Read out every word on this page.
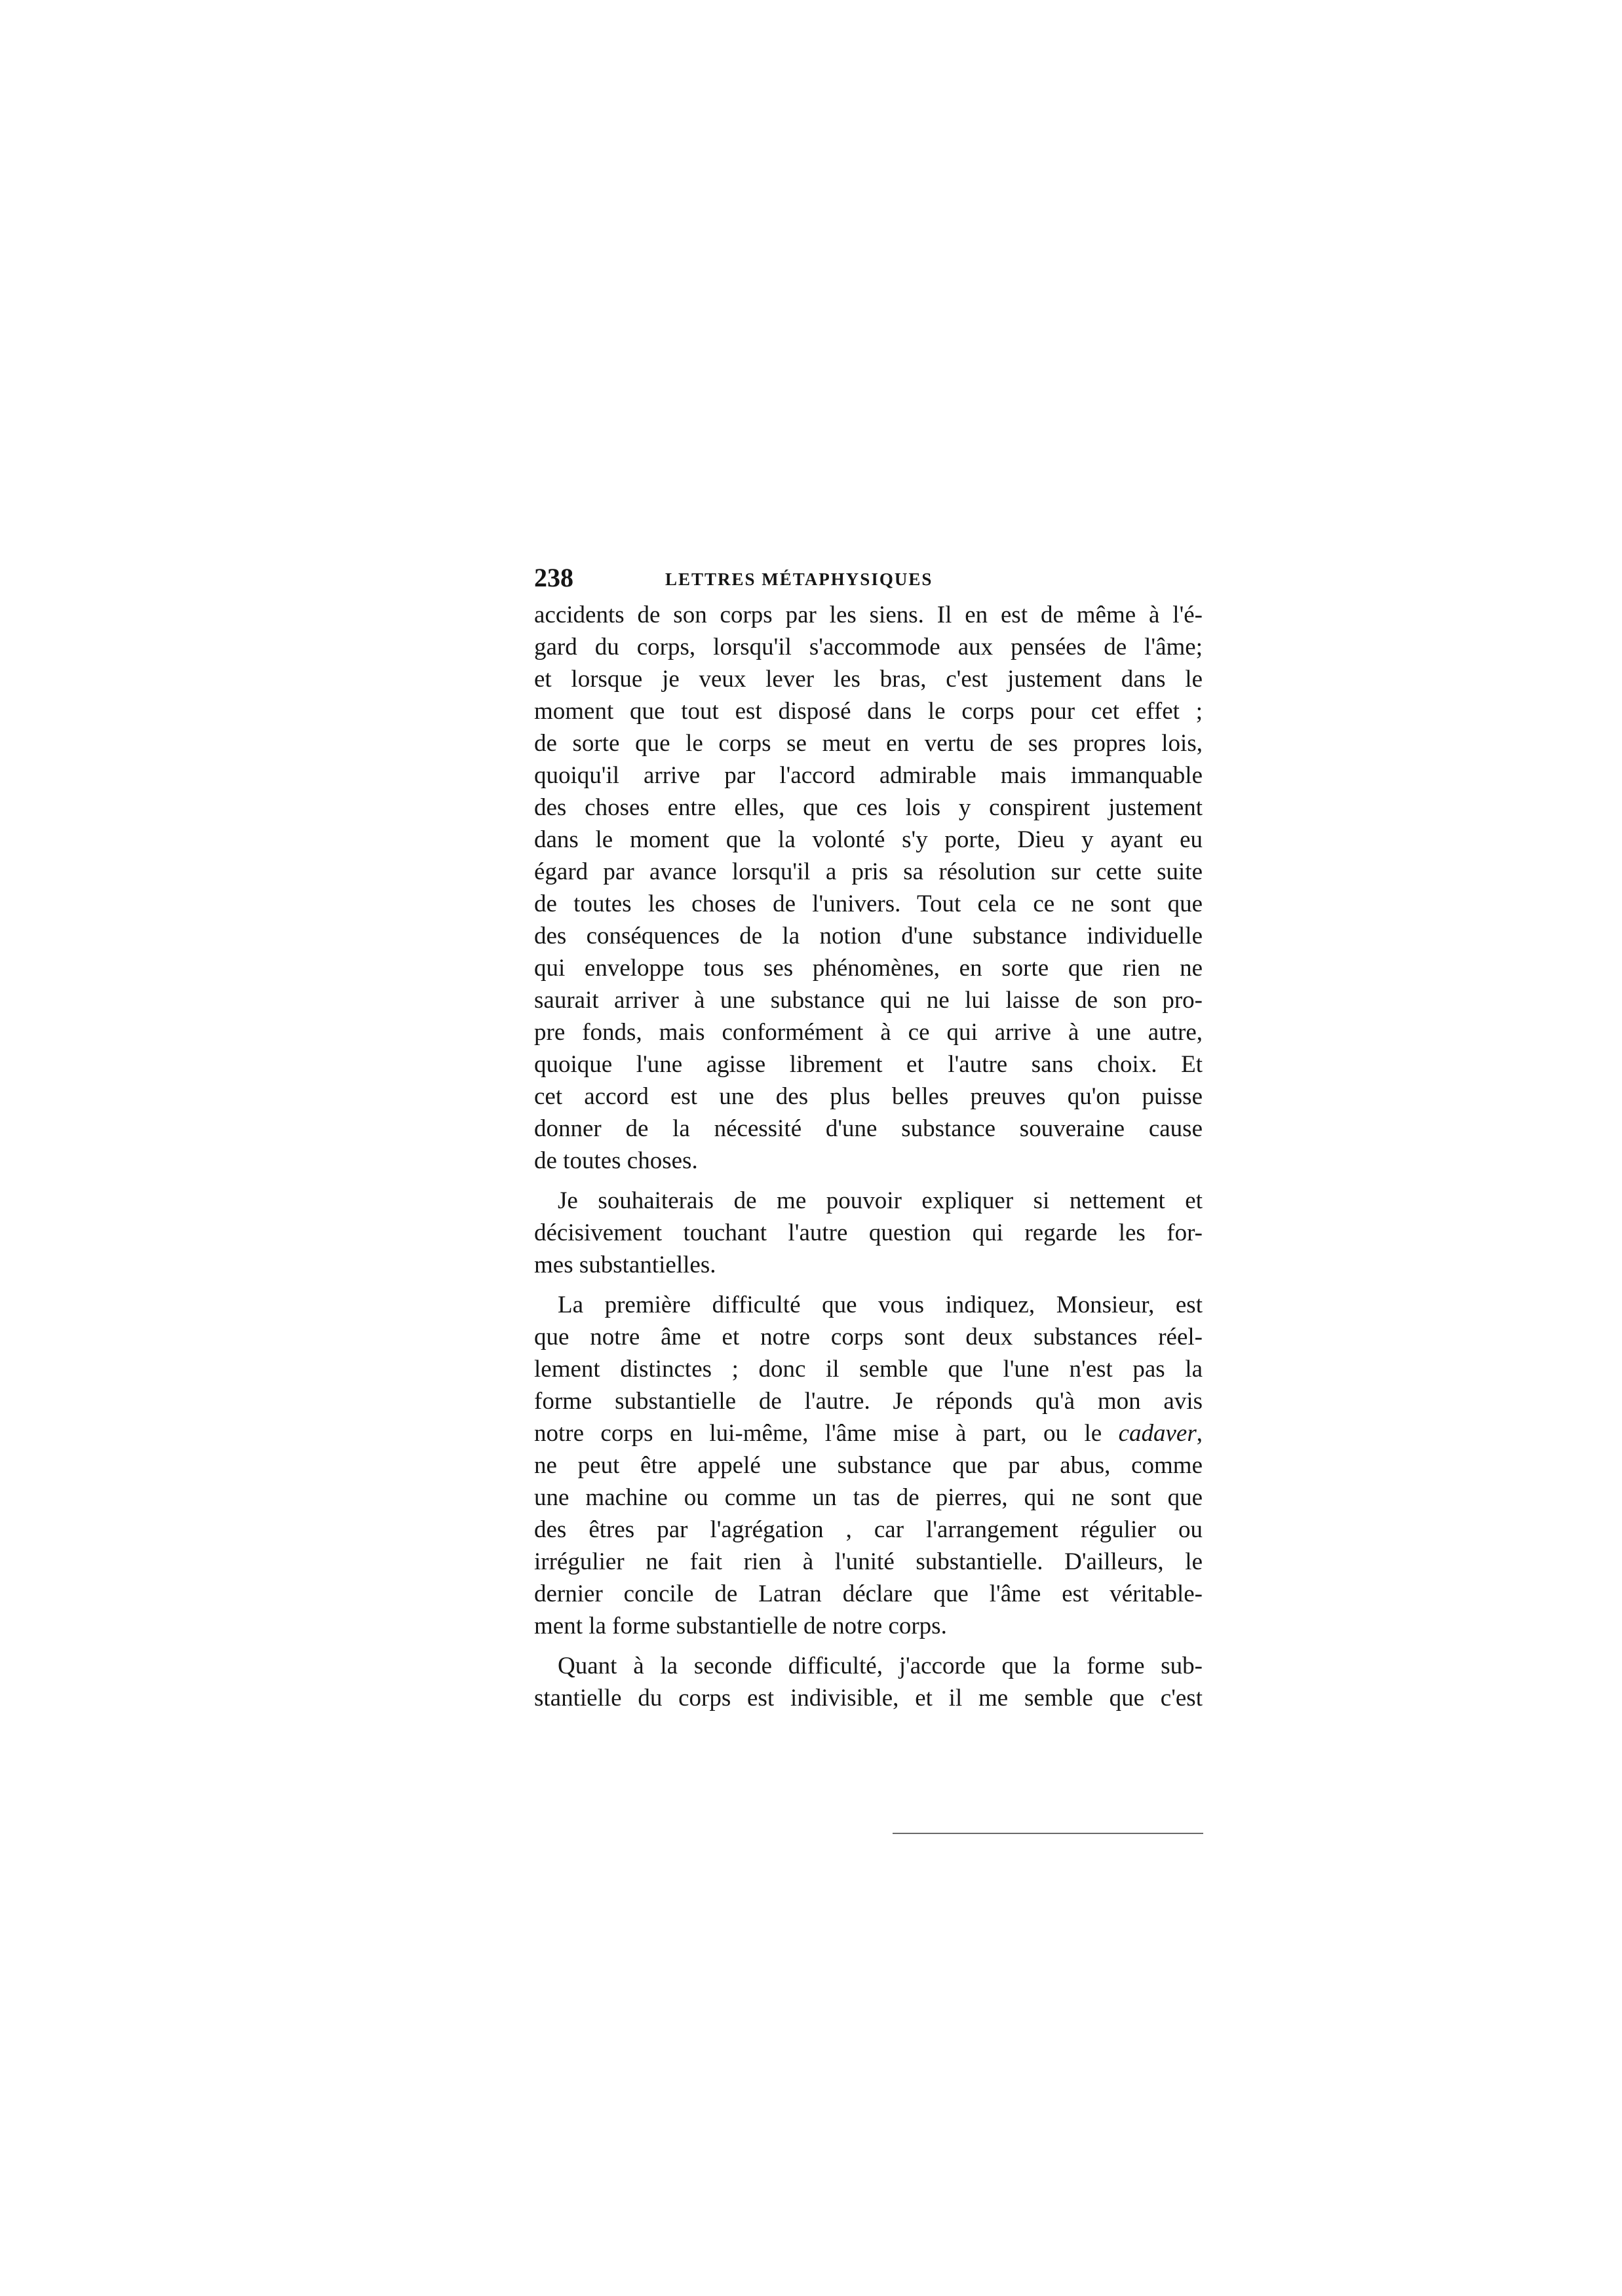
238	LETTRES MÉTAPHYSIQUES

accidents de son corps par les siens. Il en est de même à l'é-
gard du corps, lorsqu'il s'accommode aux pensées de l'âme;
et lorsque je veux lever les bras, c'est justement dans le
moment que tout est disposé dans le corps pour cet effet ;
de sorte que le corps se meut en vertu de ses propres lois,
quoiqu'il arrive par l'accord admirable mais immanquable
des choses entre elles, que ces lois y conspirent justement
dans le moment que la volonté s'y porte, Dieu y ayant eu
égard par avance lorsqu'il a pris sa résolution sur cette suite
de toutes les choses de l'univers. Tout cela ce ne sont que
des conséquences de la notion d'une substance individuelle
qui enveloppe tous ses phénomènes, en sorte que rien ne
saurait arriver à une substance qui ne lui laisse de son pro-
pre fonds, mais conformément à ce qui arrive à une autre,
quoique l'une agisse librement et l'autre sans choix. Et
cet accord est une des plus belles preuves qu'on puisse
donner de la nécessité d'une substance souveraine cause
de toutes choses.

Je souhaiterais de me pouvoir expliquer si nettement et
décisivement touchant l'autre question qui regarde les for-
mes substantielles.

La première difficulté que vous indiquez, Monsieur, est
que notre âme et notre corps sont deux substances réel-
lement distinctes ; donc il semble que l'une n'est pas la
forme substantielle de l'autre. Je réponds qu'à mon avis
notre corps en lui-même, l'âme mise à part, ou le cadaver,
ne peut être appelé une substance que par abus, comme
une machine ou comme un tas de pierres, qui ne sont que
des êtres par l'agrégation , car l'arrangement régulier ou
irrégulier ne fait rien à l'unité substantielle. D'ailleurs, le
dernier concile de Latran déclare que l'âme est véritable-
ment la forme substantielle de notre corps.

Quant à la seconde difficulté, j'accorde que la forme sub-
stantielle du corps est indivisible, et il me semble que c'est
